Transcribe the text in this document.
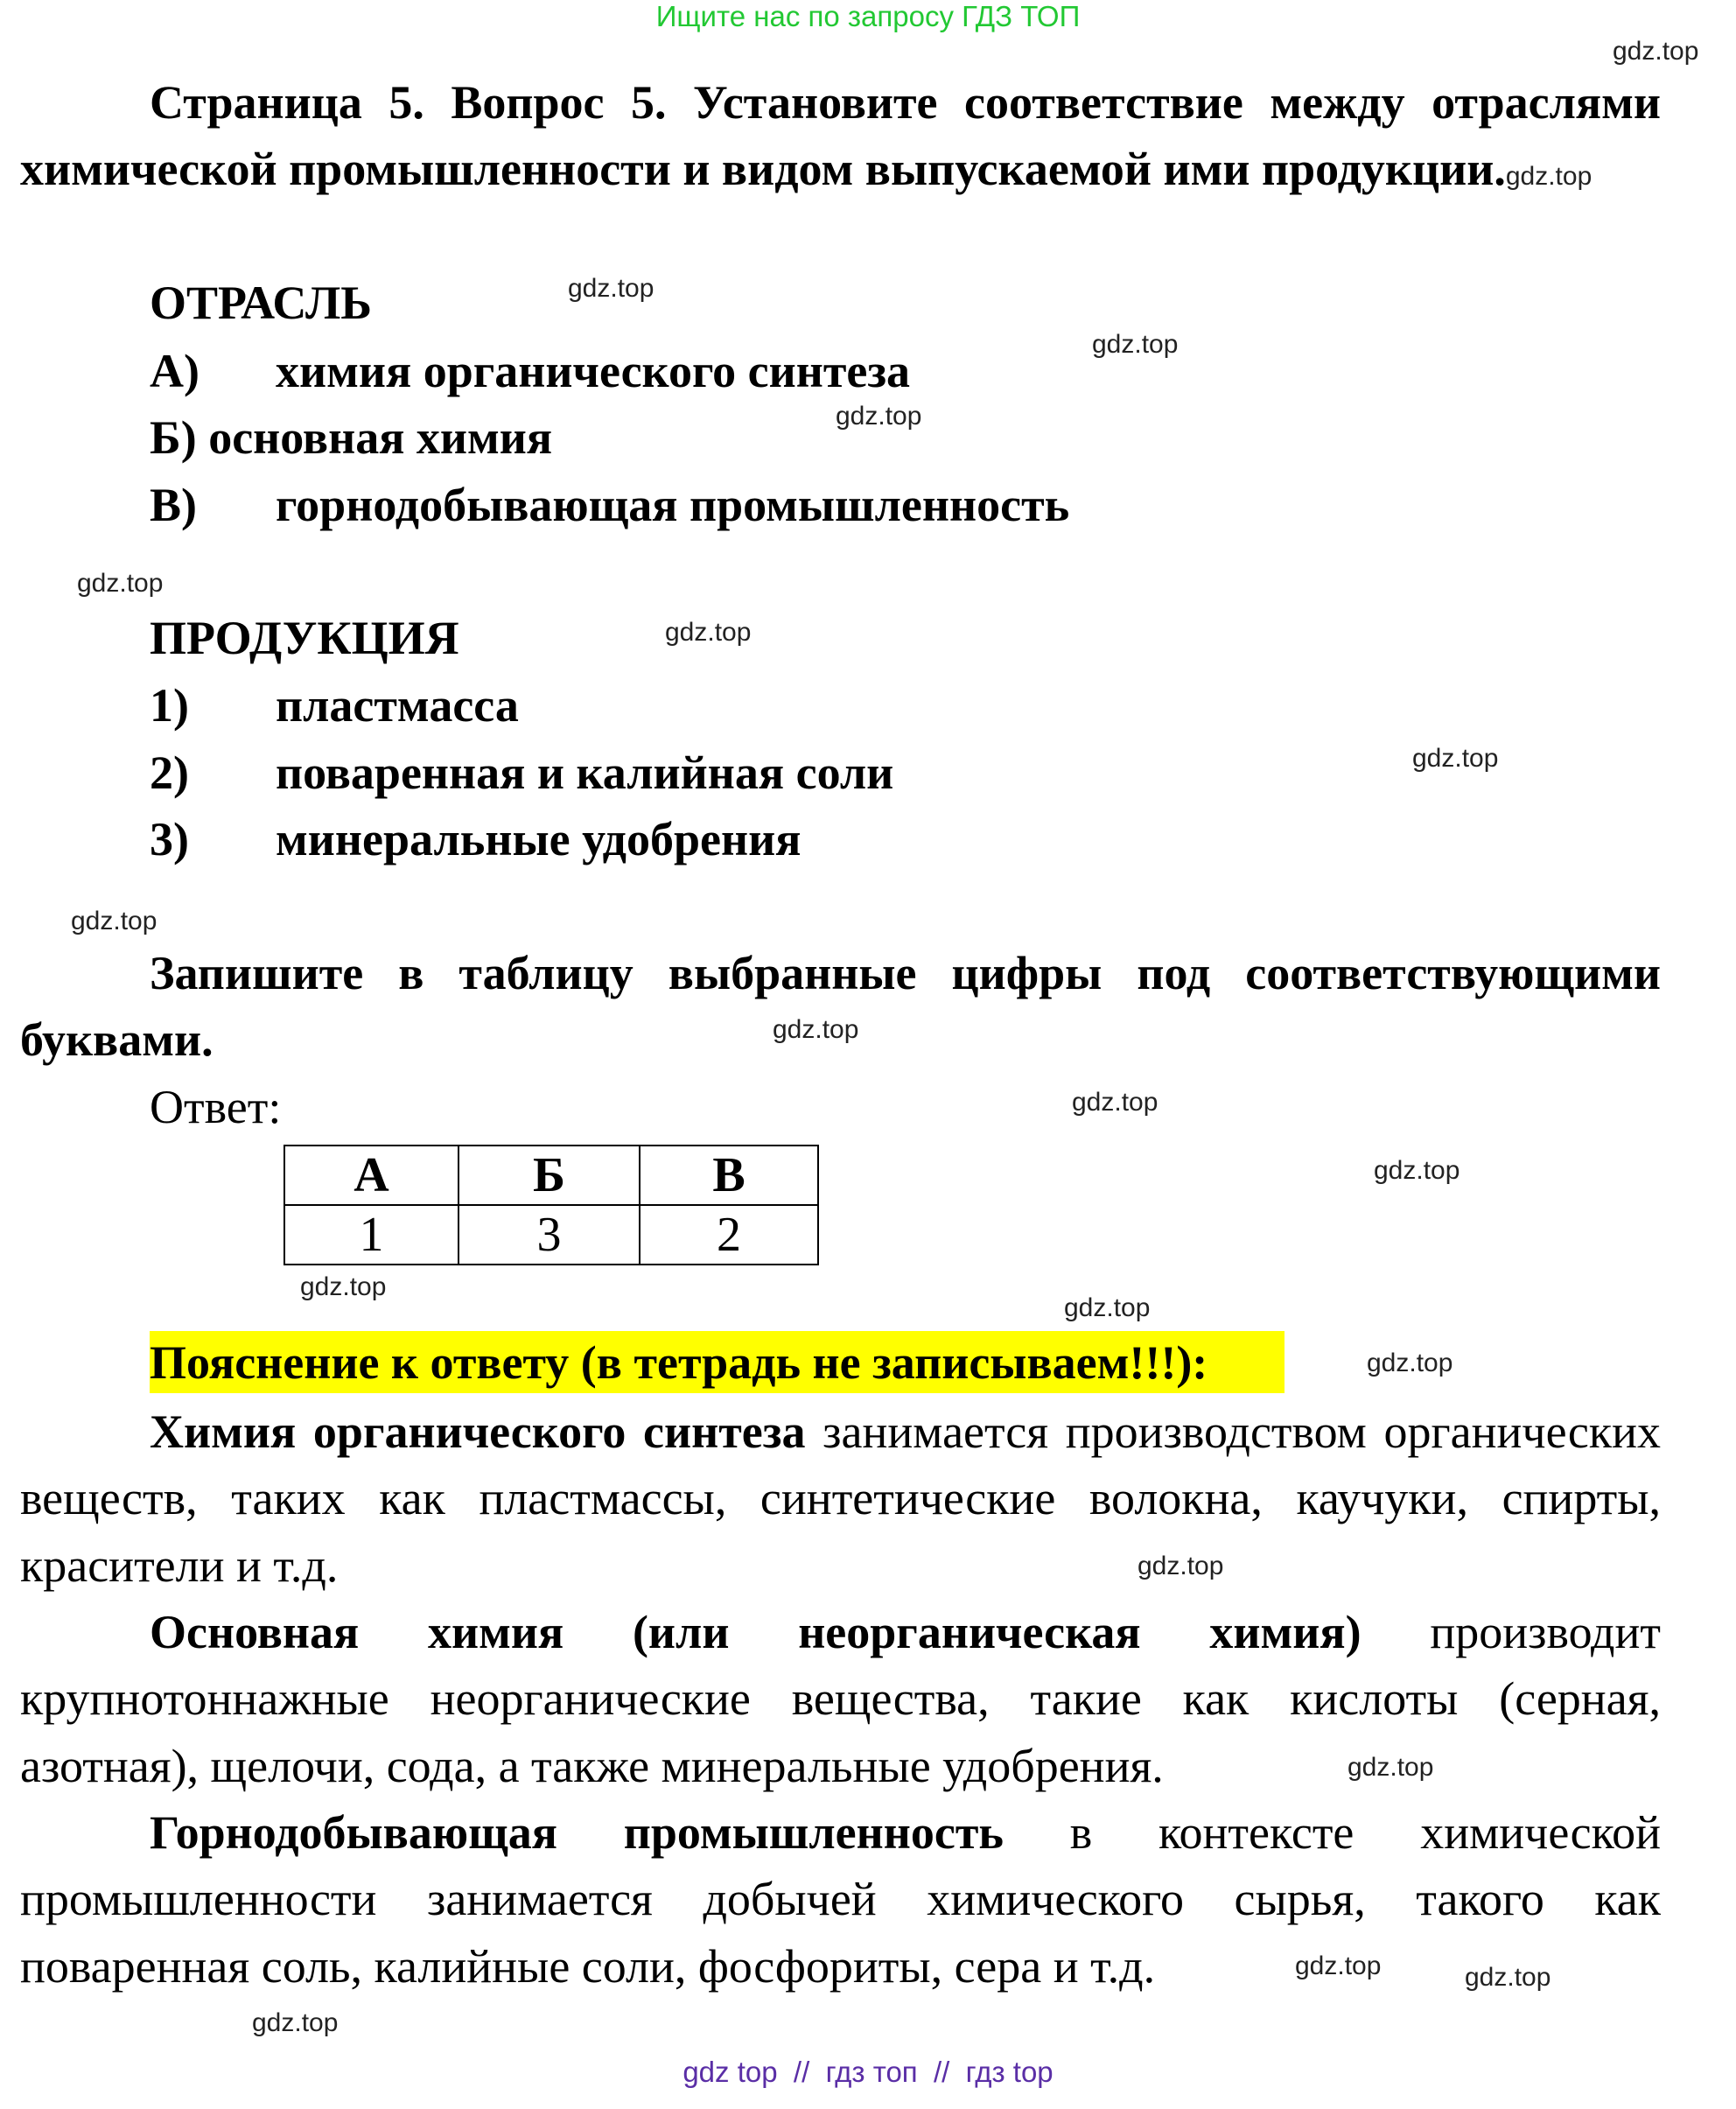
Ищите нас по запросу ГДЗ ТОП
Страница 5. Вопрос 5. Установите соответствие между отраслями химической промышленности и видом выпускаемой ими продукции.gdz.top
ОТРАСЛЬ
А) химия органического синтеза
Б) основная химия
В) горнодобывающая промышленность
ПРОДУКЦИЯ
1) пластмасса
2) поваренная и калийная соли
3) минеральные удобрения
Запишите в таблицу выбранные цифры под соответствующими буквами.
Ответ:
А	Б	В
1	3	2
Пояснение к ответу (в тетрадь не записываем!!!):
Химия органического синтеза занимается производством органических веществ, таких как пластмассы, синтетические волокна, каучуки, спирты, красители и т.д.
Основная химия (или неорганическая химия) производит крупнотоннажные неорганические вещества, такие как кислоты (серная, азотная), щелочи, сода, а также минеральные удобрения.
Горнодобывающая промышленность в контексте химической промышленности занимается добычей химического сырья, такого как поваренная соль, калийные соли, фосфориты, сера и т.д.
gdz.top
gdz.top
gdz.top
gdz.top
gdz.top
gdz.top
gdz.top
gdz.top
gdz.top
gdz.top
gdz.top
gdz.top
gdz.top
gdz.top
gdz.top
gdz.top
gdz.top	gdz.top
gdz.top
gdz top  //  гдз топ  //  гдз top
